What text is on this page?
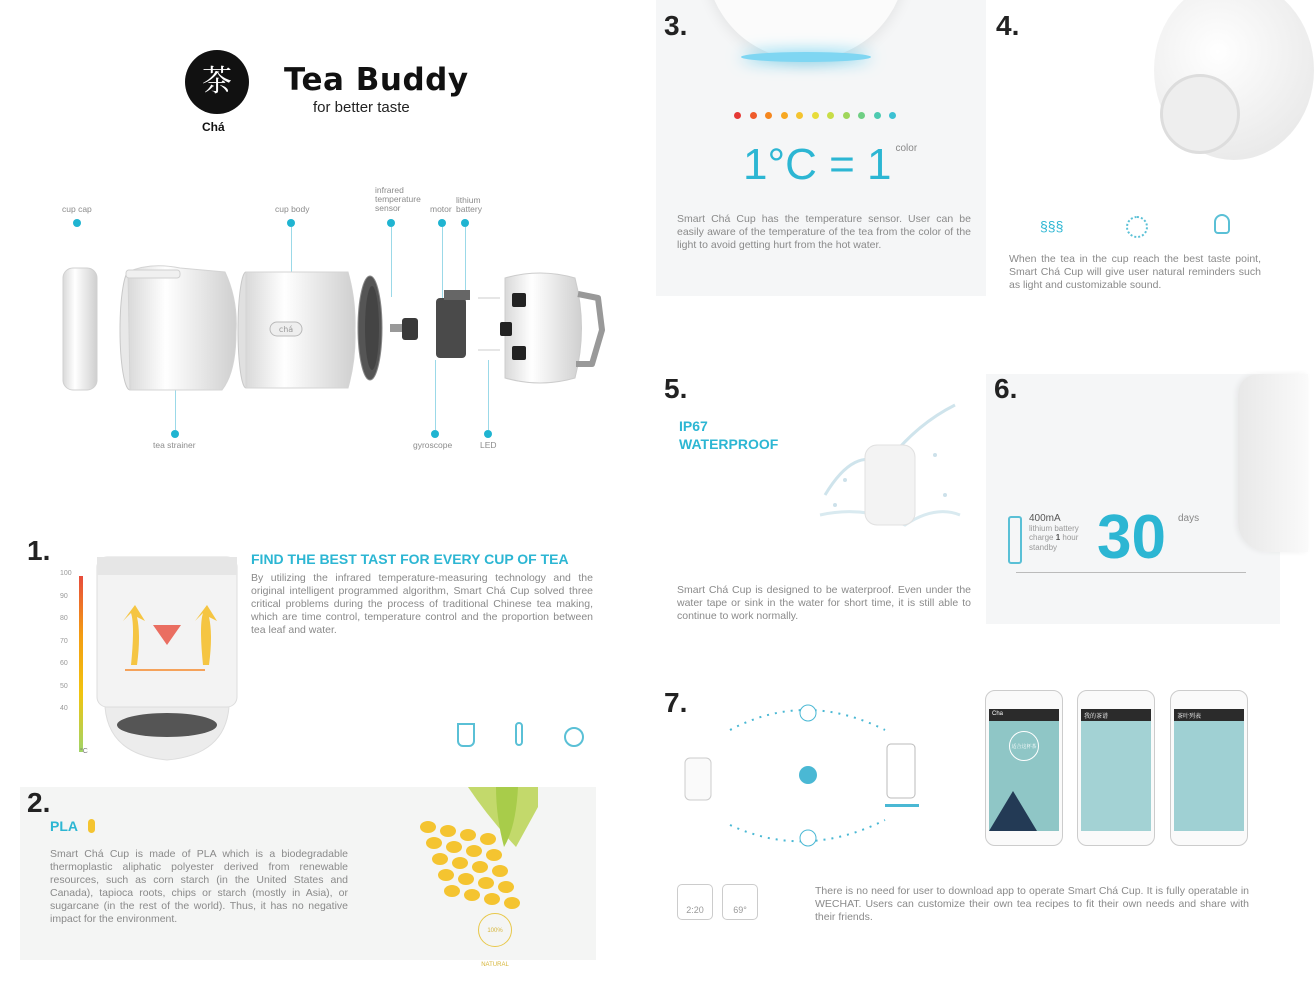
茶
Chá
Tea Buddy
for better taste
cup cap	cup body
infrared
temperature
sensor	motor
lithium
battery
tea strainer	gyroscope	LED
chá
1.
100
90
80
70
60
50
40
°C
FIND THE BEST TAST FOR EVERY CUP OF TEA
By utilizing the infrared temperature-measuring technology and the original intelligent programmed algorithm, Smart Chá Cup solved three critical problems during the process of traditional Chinese tea making, which are time control, temperature control and the proportion between tea leaf and water.
100% NATURAL
2.
PLA
Smart Chá Cup is made of PLA which is a biodegradable thermoplastic aliphatic polyester derived from renewable resources, such as corn starch (in the United States and Canada), tapioca roots, chips or starch (mostly in Asia), or sugarcane (in the rest of the world). Thus, it has no negative impact for the environment.
3.
1°C = 1 $^{color}$
Smart Chá Cup has the temperature sensor. User can be easily aware of the temperature of the tea from the color of the light to avoid getting hurt from the hot water.
4.
§§§
When the tea in the cup reach the best taste point, Smart Chá Cup will give user natural reminders such as light and customizable sound.
5.
IP67
WATERPROOF
Smart Chá Cup is designed to be waterproof. Even under the water tape or sink in the water for short time, it is still able to continue to work normally.
6.
400mA
lithium battery
charge 1 hour
standby 30 days
7.
2:20	69°
There is no need for user to download app to operate Smart Chá Cup. It is fully operatable in WECHAT. Users can customize their own tea recipes to fit their own needs and share with their friends.
Cha
适合这杯茶
我的茶谱	茶叶列表
